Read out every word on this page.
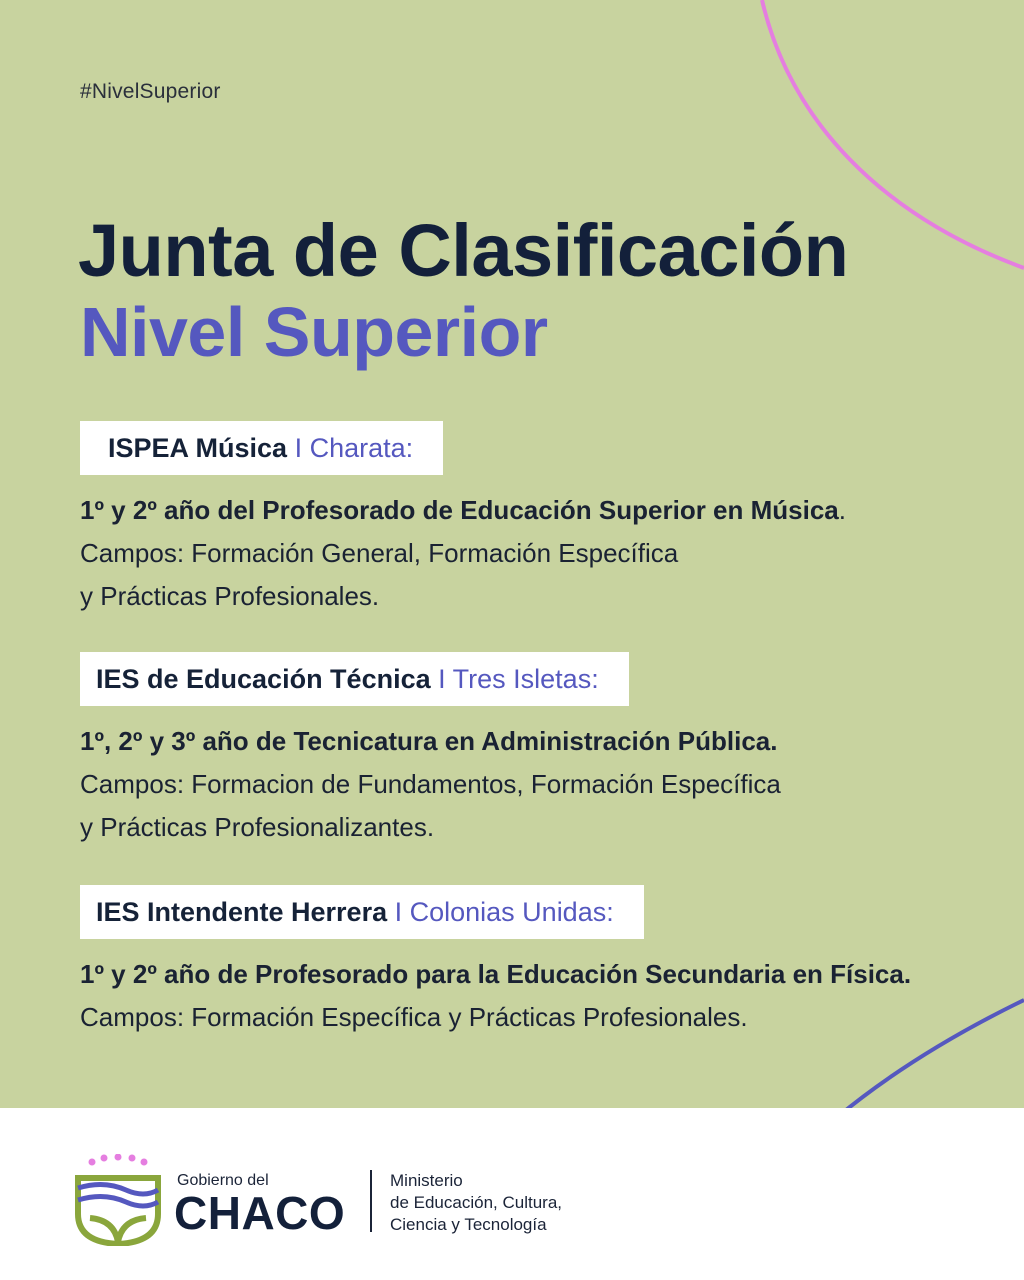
#NivelSuperior
Junta de Clasificación
Nivel Superior
ISPEA Música I Charata:
1º y 2º año del Profesorado de Educación Superior en Música.
Campos: Formación General, Formación Específica
y Prácticas Profesionales.
IES de Educación Técnica I Tres Isletas:
1º, 2º y 3º año de Tecnicatura en Administración Pública.
Campos: Formacion de Fundamentos, Formación Específica
y Prácticas Profesionalizantes.
IES Intendente Herrera I Colonias Unidas:
1º y 2º año de Profesorado para la Educación Secundaria en Física.
Campos: Formación Específica y Prácticas Profesionales.
Gobierno del
CHACO
Ministerio
de Educación, Cultura,
Ciencia y Tecnología
